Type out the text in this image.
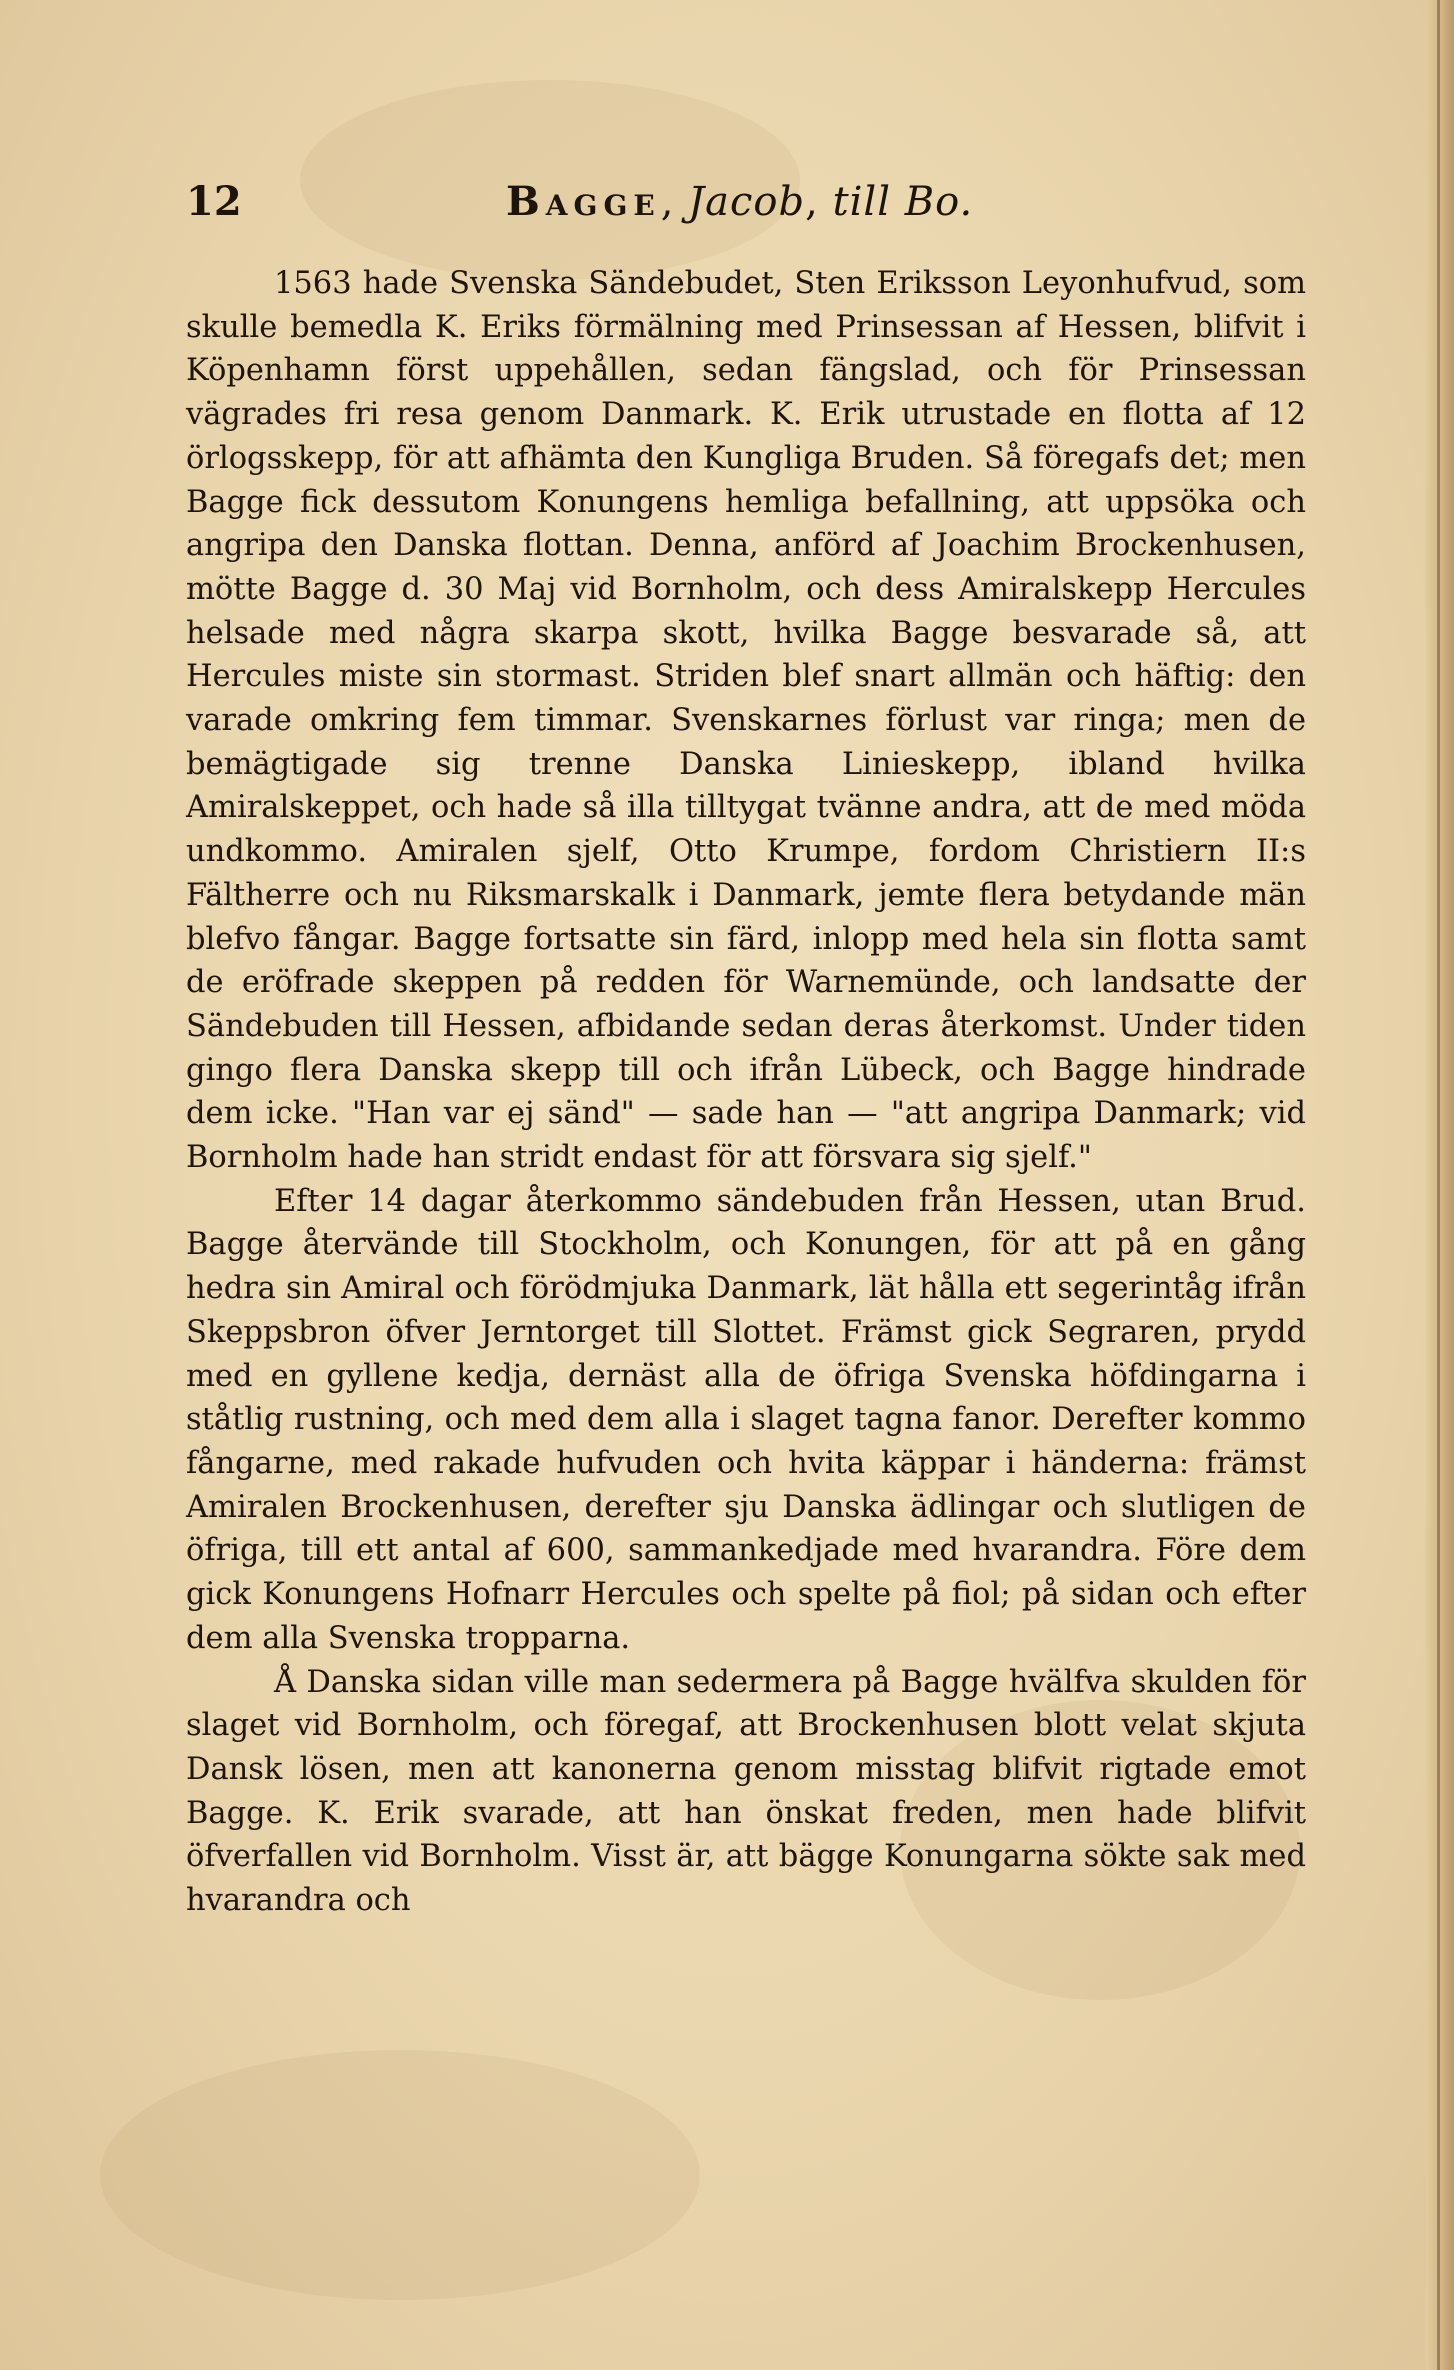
12	Bagge, Jacob, till Bo.

1563 hade Svenska Sändebudet, Sten Eriksson Leyonhufvud, som skulle bemedla K. Eriks förmälning med Prinsessan af Hessen, blifvit i Köpenhamn först uppehållen, sedan fängslad, och för Prinsessan vägrades fri resa genom Danmark. K. Erik utrustade en flotta af 12 örlogsskepp, för att afhämta den Kungliga Bruden. Så föregafs det; men Bagge fick dessutom Konungens hemliga befallning, att uppsöka och angripa den Danska flottan. Denna, anförd af Joachim Brockenhusen, mötte Bagge d. 30 Maj vid Bornholm, och dess Amiralskepp Hercules helsade med några skarpa skott, hvilka Bagge besvarade så, att Hercules miste sin stormast. Striden blef snart allmän och häftig: den varade omkring fem timmar. Svenskarnes förlust var ringa; men de bemägtigade sig trenne Danska Linieskepp, ibland hvilka Amiralskeppet, och hade så illa tilltygat tvänne andra, att de med möda undkommo. Amiralen sjelf, Otto Krumpe, fordom Christiern II:s Fältherre och nu Riksmarskalk i Danmark, jemte flera betydande män blefvo fångar. Bagge fortsatte sin färd, inlopp med hela sin flotta samt de eröfrade skeppen på redden för Warnemünde, och landsatte der Sändebuden till Hessen, afbidande sedan deras återkomst. Under tiden gingo flera Danska skepp till och ifrån Lübeck, och Bagge hindrade dem icke. "Han var ej sänd" — sade han — "att angripa Danmark; vid Bornholm hade han stridt endast för att försvara sig sjelf."

Efter 14 dagar återkommo sändebuden från Hessen, utan Brud. Bagge återvände till Stockholm, och Konungen, för att på en gång hedra sin Amiral och förödmjuka Danmark, lät hålla ett segerintåg ifrån Skeppsbron öfver Jerntorget till Slottet. Främst gick Segraren, prydd med en gyllene kedja, dernäst alla de öfriga Svenska höfdingarna i ståtlig rustning, och med dem alla i slaget tagna fanor. Derefter kommo fångarne, med rakade hufvuden och hvita käppar i händerna: främst Amiralen Brockenhusen, derefter sju Danska ädlingar och slutligen de öfriga, till ett antal af 600, sammankedjade med hvarandra. Före dem gick Konungens Hofnarr Hercules och spelte på fiol; på sidan och efter dem alla Svenska tropparna.

Å Danska sidan ville man sedermera på Bagge hvälfva skulden för slaget vid Bornholm, och föregaf, att Brockenhusen blott velat skjuta Dansk lösen, men att kanonerna genom misstag blifvit rigtade emot Bagge. K. Erik svarade, att han önskat freden, men hade blifvit öfverfallen vid Bornholm. Visst är, att bägge Konungarna sökte sak med hvarandra och
